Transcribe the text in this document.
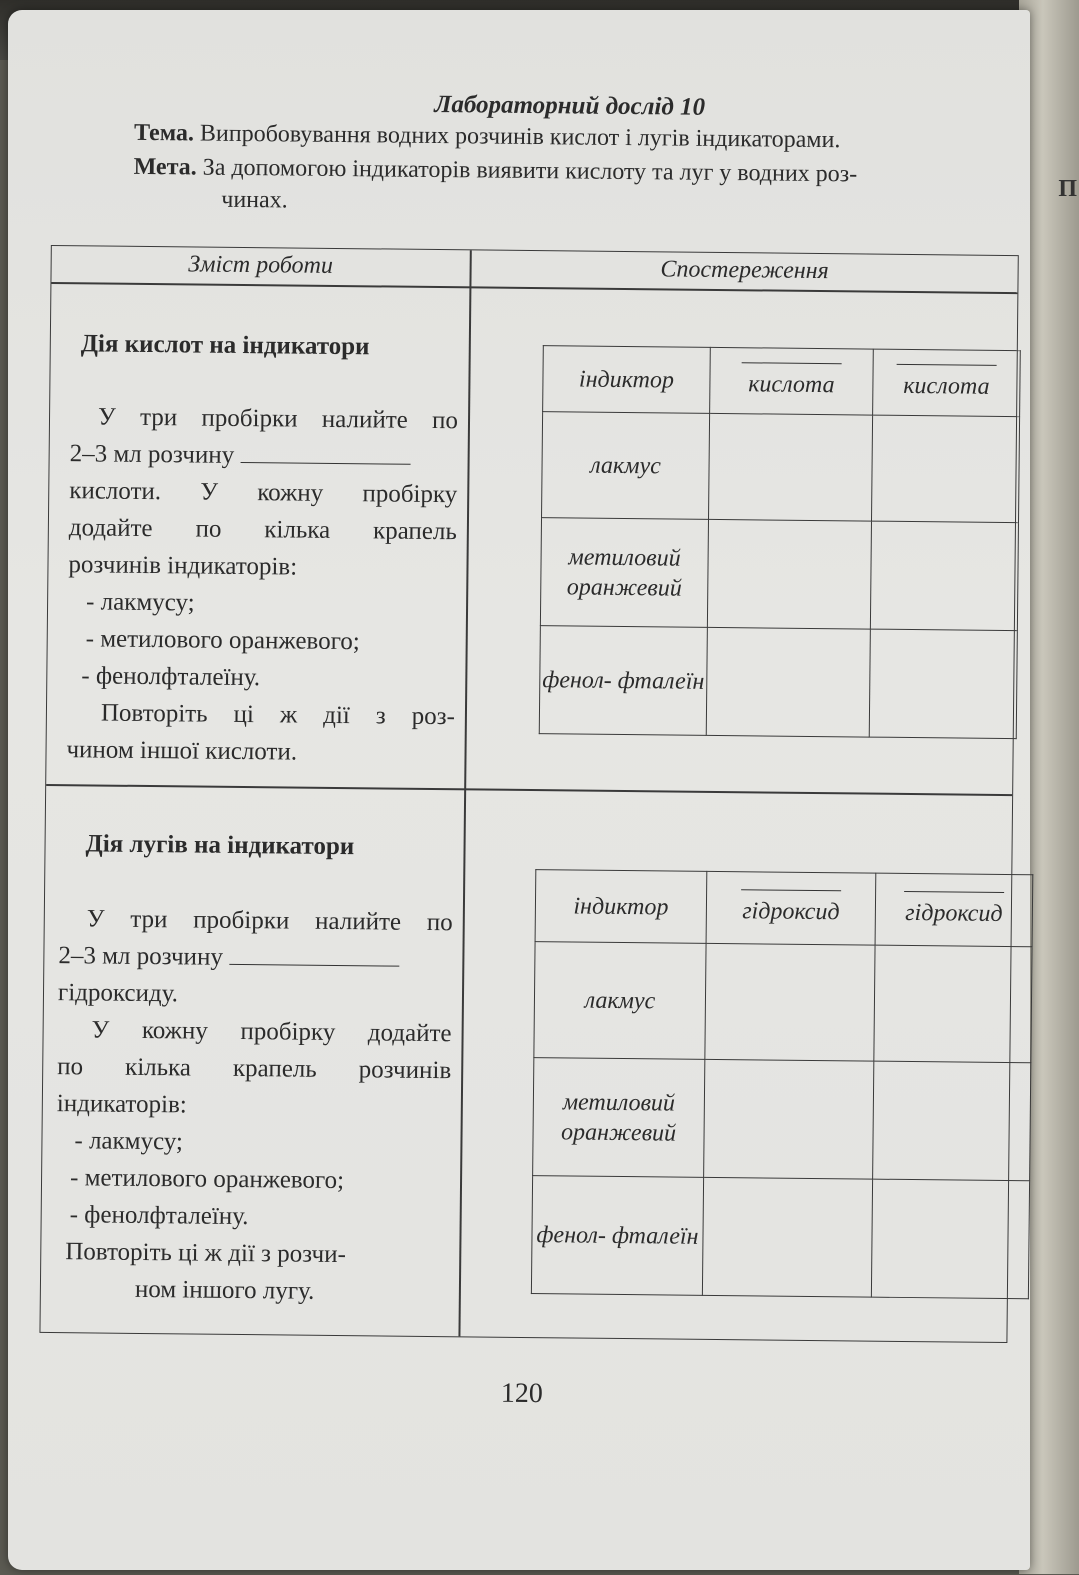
П
Лабораторний дослід 10
Тема. Випробовування водних розчинів кислот і лугів індикаторами.
Мета. За допомогою індикаторів виявити кислоту та луг у водних роз-
чинах.
Зміст роботи	Спостереження
Дія кислот на індикатори
У три пробірки налийте по
2–3 мл розчину
кислоти. У кожну пробірку
додайте по кілька крапель
розчинів індикаторів:
- лакмусу;
- метилового оранжевого;
- фенолфталеїну.
Повторіть ці ж дії з роз-
чином іншої кислоти.
індиктор	кислота	кислота
лакмус		
метиловий оранжевий		
фенол- фталеїн		
Дія лугів на індикатори
У три пробірки налийте по
2–3 мл розчину
гідроксиду.
У кожну пробірку додайте
по кілька крапель розчинів
індикаторів:
- лакмусу;
- метилового оранжевого;
- фенолфталеїну.
Повторіть ці ж дії з розчи-
ном іншого лугу.
індиктор	гідроксид	гідроксид
лакмус		
метиловий оранжевий		
фенол- фталеїн		
120
